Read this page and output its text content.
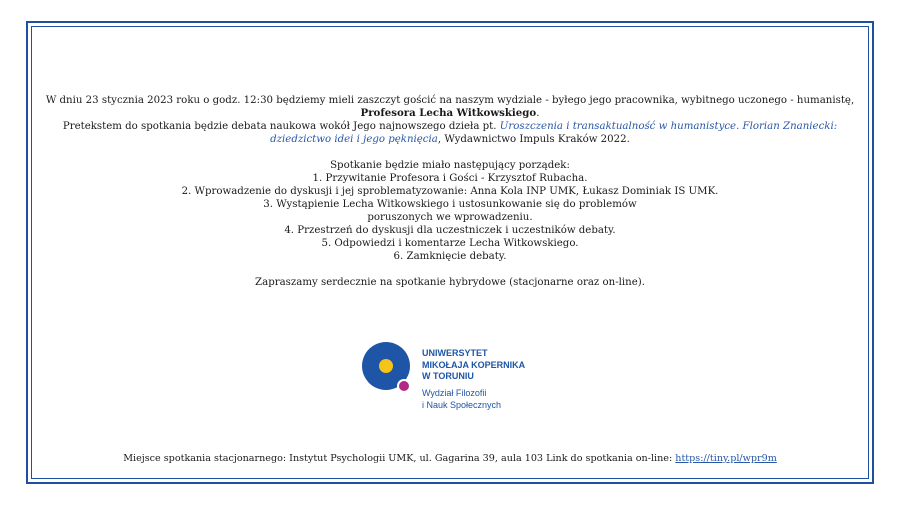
W dniu 23 stycznia 2023 roku o godz. 12:30 będziemy mieli zaszczyt gościć na naszym wydziale - byłego jego pracownika, wybitnego uczonego - humanistę,
Profesora Lecha Witkowskiego.
Pretekstem do spotkania będzie debata naukowa wokół Jego najnowszego dzieła pt. Uroszczenia i transaktualność w humanistyce. Florian Znaniecki:
dziedzictwo idei i jego pęknięcia, Wydawnictwo Impuls Kraków 2022.
Spotkanie będzie miało następujący porządek:
1. Przywitanie Profesora i Gości - Krzysztof Rubacha.
2. Wprowadzenie do dyskusji i jej sproblematyzowanie: Anna Kola INP UMK, Łukasz Dominiak IS UMK.
3. Wystąpienie Lecha Witkowskiego i ustosunkowanie się do problemów
poruszonych we wprowadzeniu.
4. Przestrzeń do dyskusji dla uczestniczek i uczestników debaty.
5. Odpowiedzi i komentarze Lecha Witkowskiego.
6. Zamknięcie debaty.
Zapraszamy serdecznie na spotkanie hybrydowe (stacjonarne oraz on-line).
UNIWERSYTET
MIKOŁAJA KOPERNIKA
W TORUNIU
Wydział Filozofii
i Nauk Społecznych
Miejsce spotkania stacjonarnego: Instytut Psychologii UMK, ul. Gagarina 39, aula 103 Link do spotkania on-line: https://tiny.pl/wpr9m
